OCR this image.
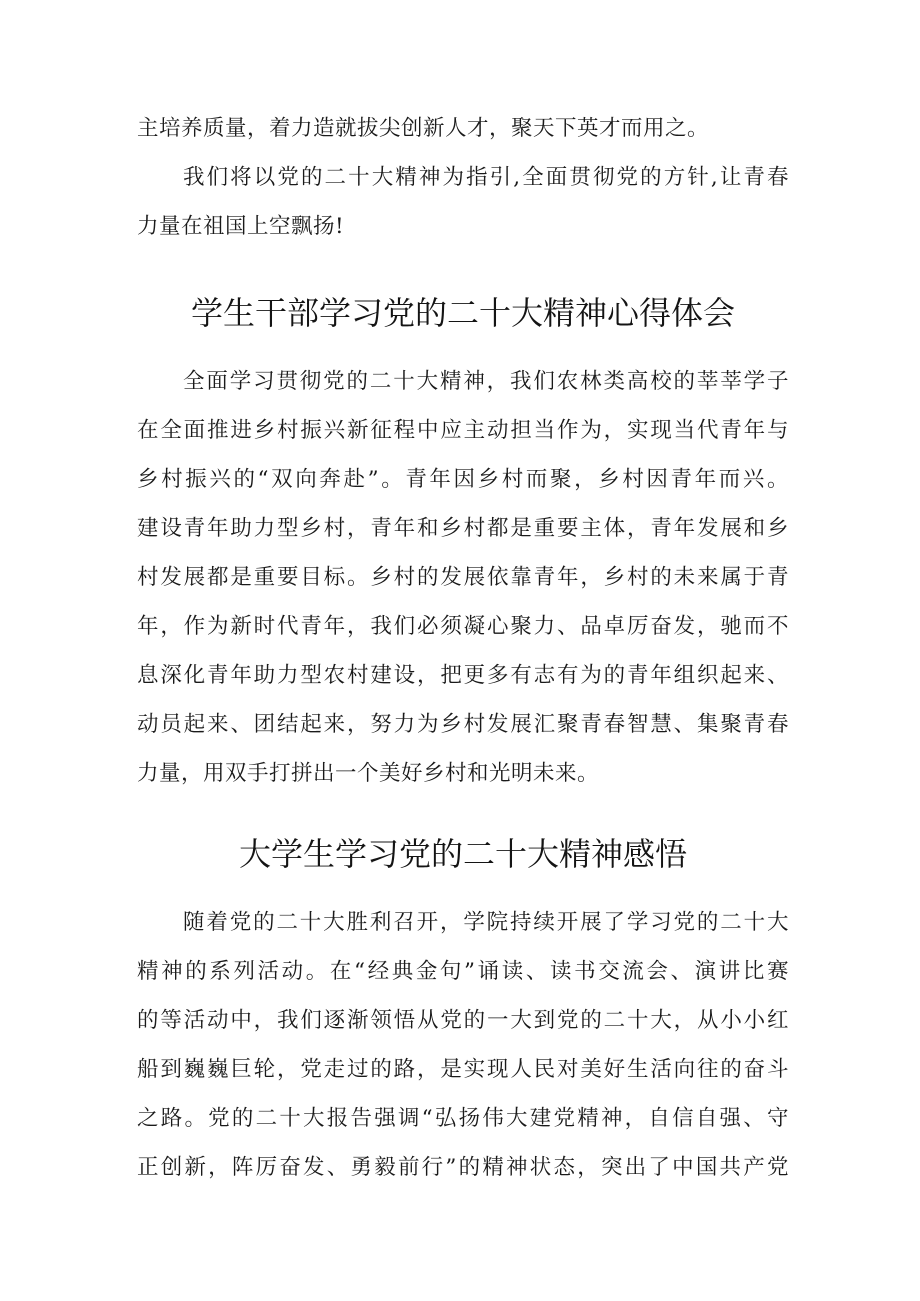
主培养质量，着力造就拔尖创新人才，聚天下英才而用之。
我们将以党的二十大精神为指引,全面贯彻党的方针,让青春
力量在祖国上空飘扬!
学生干部学习党的二十大精神心得体会
全面学习贯彻党的二十大精神，我们农林类高校的莘莘学子
在全面推进乡村振兴新征程中应主动担当作为，实现当代青年与
乡村振兴的“双向奔赴”。青年因乡村而聚，乡村因青年而兴。
建设青年助力型乡村，青年和乡村都是重要主体，青年发展和乡
村发展都是重要目标。乡村的发展依靠青年，乡村的未来属于青
年，作为新时代青年，我们必须凝心聚力、品卓厉奋发，驰而不
息深化青年助力型农村建设，把更多有志有为的青年组织起来、
动员起来、团结起来，努力为乡村发展汇聚青春智慧、集聚青春
力量，用双手打拼出一个美好乡村和光明未来。
大学生学习党的二十大精神感悟
随着党的二十大胜利召开，学院持续开展了学习党的二十大
精神的系列活动。在“经典金句”诵读、读书交流会、演讲比赛
的等活动中，我们逐渐领悟从党的一大到党的二十大，从小小红
船到巍巍巨轮，党走过的路，是实现人民对美好生活向往的奋斗
之路。党的二十大报告强调“弘扬伟大建党精神，自信自强、守
正创新，阵厉奋发、勇毅前行”的精神状态，突出了中国共产党
